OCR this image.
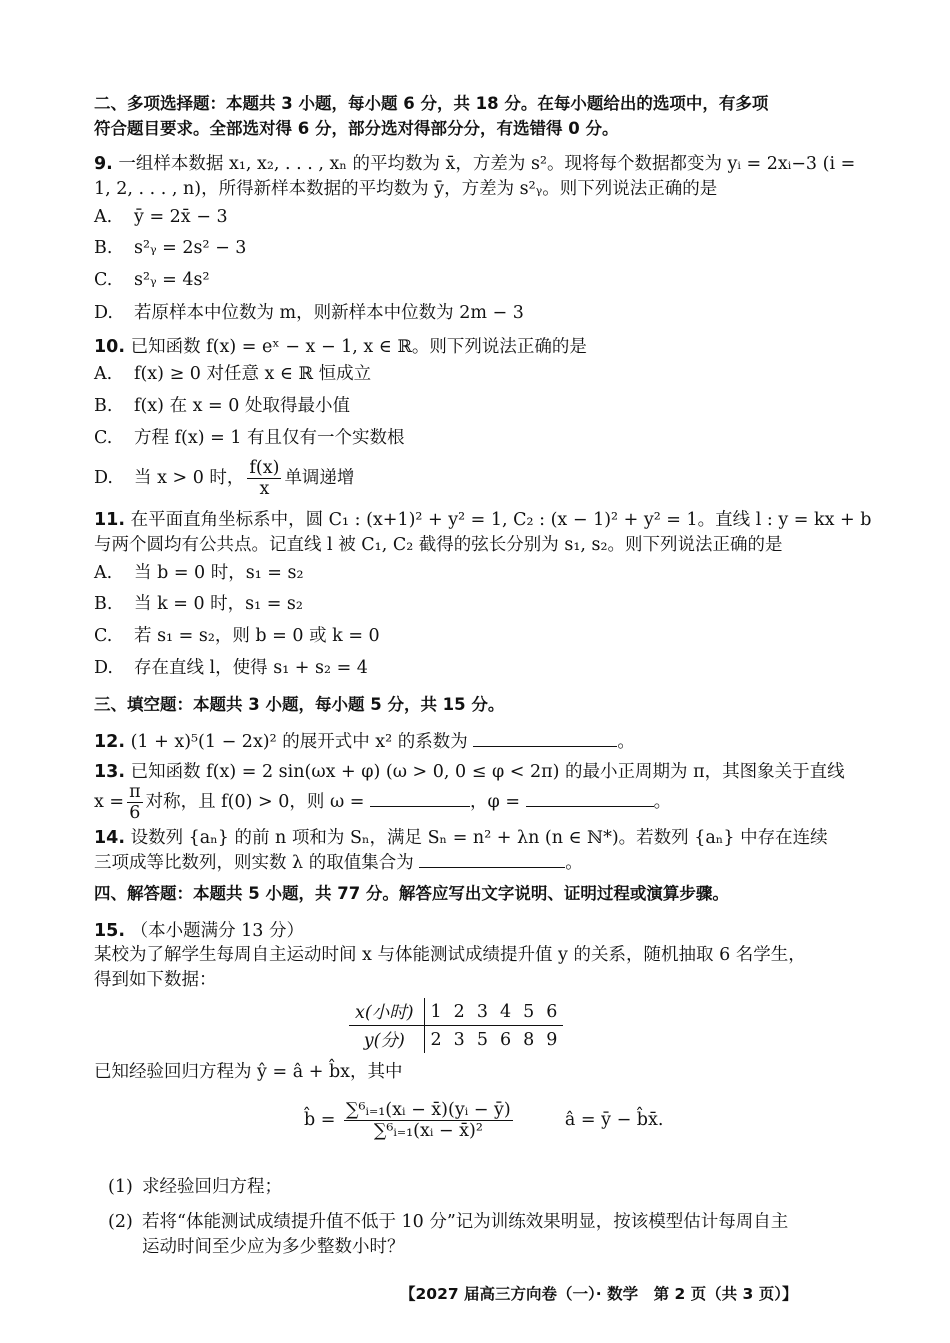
二、多项选择题：本题共 3 小题，每小题 6 分，共 18 分。在每小题给出的选项中，有多项
符合题目要求。全部选对得 6 分，部分选对得部分分，有选错得 0 分。
9. 一组样本数据 x₁, x₂, . . . , xₙ 的平均数为 x̄，方差为 s²。现将每个数据都变为 yᵢ = 2xᵢ−3 (i =
1, 2, . . . , n)，所得新样本数据的平均数为 ȳ，方差为 s²ᵧ。则下列说法正确的是
A. ȳ = 2x̄ − 3
B. s²ᵧ = 2s² − 3
C. s²ᵧ = 4s²
D. 若原样本中位数为 m，则新样本中位数为 2m − 3
10. 已知函数 f(x) = eˣ − x − 1, x ∈ ℝ。则下列说法正确的是
A. f(x) ≥ 0 对任意 x ∈ ℝ 恒成立
B. f(x) 在 x = 0 处取得最小值
C. 方程 f(x) = 1 有且仅有一个实数根
D. 当 x > 0 时， $\frac{f(x)}{x}$ 单调递增
11. 在平面直角坐标系中，圆 C₁ : (x+1)² + y² = 1, C₂ : (x − 1)² + y² = 1。直线 l : y = kx + b
与两个圆均有公共点。记直线 l 被 C₁, C₂ 截得的弦长分别为 s₁, s₂。则下列说法正确的是
A. 当 b = 0 时，s₁ = s₂
B. 当 k = 0 时，s₁ = s₂
C. 若 s₁ = s₂，则 b = 0 或 k = 0
D. 存在直线 l，使得 s₁ + s₂ = 4
三、填空题：本题共 3 小题，每小题 5 分，共 15 分。
12. (1 + x)⁵(1 − 2x)² 的展开式中 x² 的系数为	。
13. 已知函数 f(x) = 2 sin(ωx + φ) (ω > 0, 0 ≤ φ < 2π) 的最小正周期为 π，其图象关于直线
$x = \frac{\pi}{6}$ 对称，且 f(0) > 0，则 ω =	，φ =	。
14. 设数列 {aₙ} 的前 n 项和为 Sₙ，满足 Sₙ = n² + λn (n ∈ ℕ*)。若数列 {aₙ} 中存在连续
三项成等比数列，则实数 λ 的取值集合为	。
四、解答题：本题共 5 小题，共 77 分。解答应写出文字说明、证明过程或演算步骤。
15. （本小题满分 13 分）
某校为了解学生每周自主运动时间 x 与体能测试成绩提升值 y 的关系，随机抽取 6 名学生，
得到如下数据：
x(小时)	1	2	3	4	5	6
y(分)	2	3	5	6	8	9
已知经验回归方程为 ŷ = â + b̂x，其中
b̂ = $\frac{\text{∑⁶ᵢ₌₁(xᵢ − x̄)(yᵢ − ȳ)}}{\text{∑⁶ᵢ₌₁(xᵢ − x̄)²}}$	â = ȳ − b̂x̄.
(1) 求经验回归方程；
(2) 若将“体能测试成绩提升值不低于 10 分”记为训练效果明显，按该模型估计每周自主
运动时间至少应为多少整数小时？
【2027 届高三方向卷（一）· 数学　第 2 页（共 3 页）】
